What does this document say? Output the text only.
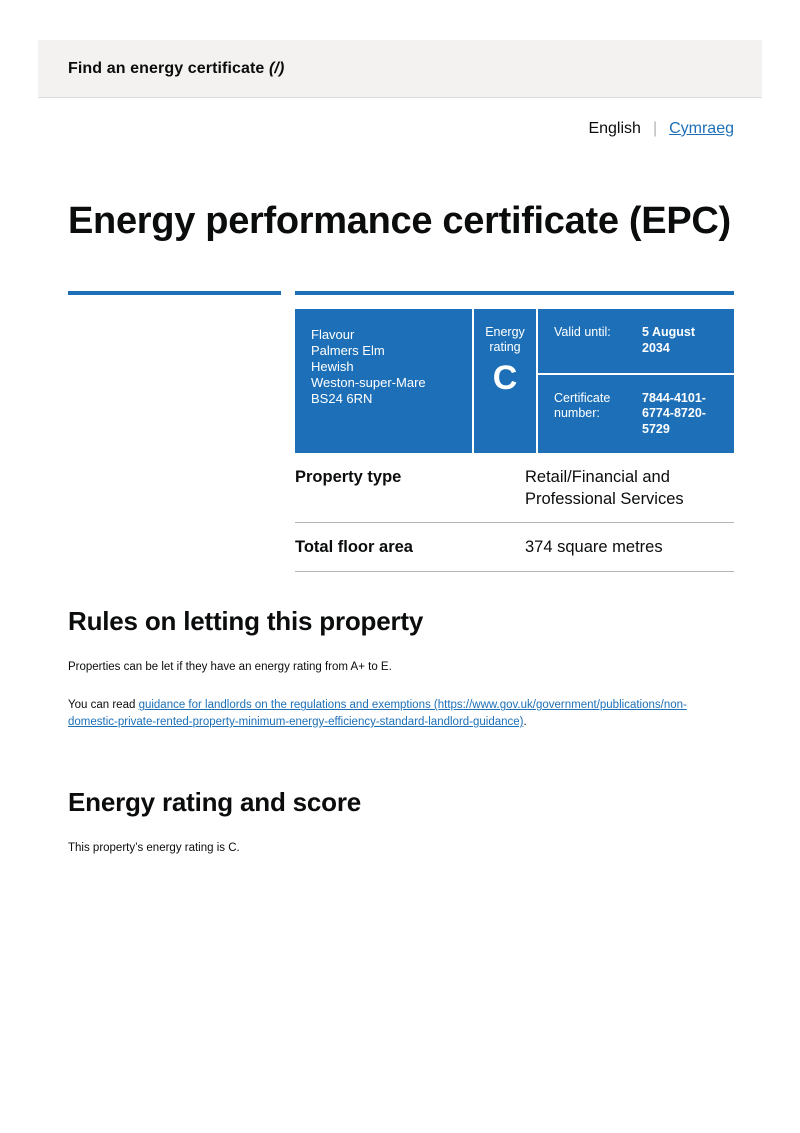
Find an energy certificate (/)
English | Cymraeg
Energy performance certificate (EPC)
Flavour
Palmers Elm
Hewish
Weston-super-Mare
BS24 6RN
Energy
rating
C
Valid until:	5 August 2034
Certificate number:
7844-4101-6774-8720-5729
Property type	Retail/Financial and Professional Services
Total floor area	374 square metres
Rules on letting this property

Properties can be let if they have an energy rating from A+ to E.

You can read guidance for landlords on the regulations and exemptions (https://www.gov.uk/government/publications/non-domestic-private-rented-property-minimum-energy-efficiency-standard-landlord-guidance).

Energy rating and score

This property’s energy rating is C.
